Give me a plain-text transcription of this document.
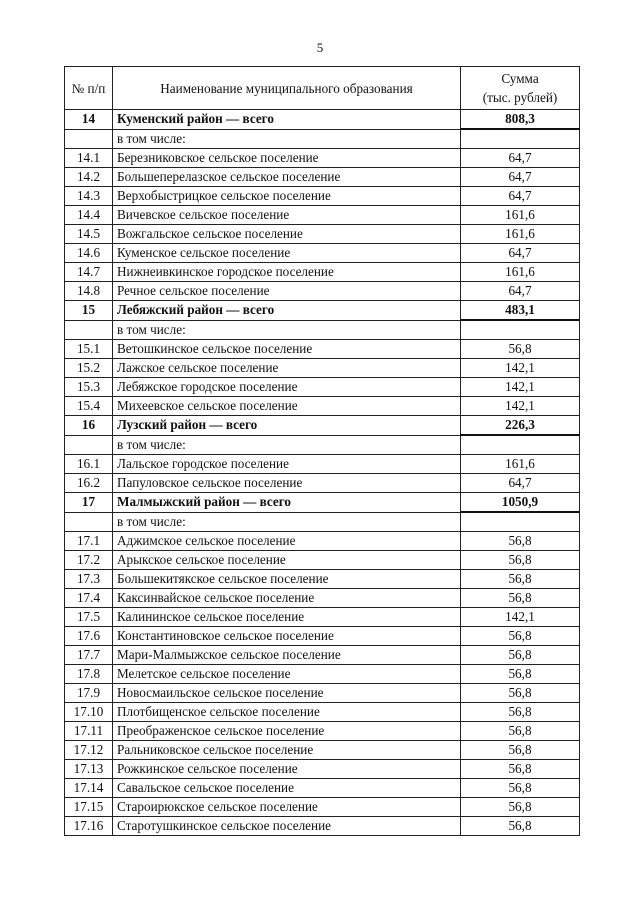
5
№ п/п	Наименование муниципального образования	Сумма
(тыс. рублей)

14	Куменский район — всего	808,3
	в том числе:	
14.1	Березниковское сельское поселение	64,7
14.2	Большеперелазское сельское поселение	64,7
14.3	Верхобыстрицкое сельское поселение	64,7
14.4	Вичевское сельское поселение	161,6
14.5	Вожгальское сельское поселение	161,6
14.6	Куменское сельское поселение	64,7
14.7	Нижнеивкинское городское поселение	161,6
14.8	Речное сельское поселение	64,7
15	Лебяжский район — всего	483,1
	в том числе:	
15.1	Ветошкинское сельское поселение	56,8
15.2	Лажское сельское поселение	142,1
15.3	Лебяжское городское поселение	142,1
15.4	Михеевское сельское поселение	142,1
16	Лузский район — всего	226,3
	в том числе:	
16.1	Лальское городское поселение	161,6
16.2	Папуловское сельское поселение	64,7
17	Малмыжский район — всего	1050,9
	в том числе:	
17.1	Аджимское сельское поселение	56,8
17.2	Арыкское сельское поселение	56,8
17.3	Большекитякское сельское поселение	56,8
17.4	Каксинвайское сельское поселение	56,8
17.5	Калининское сельское поселение	142,1
17.6	Константиновское сельское поселение	56,8
17.7	Мари-Малмыжское сельское поселение	56,8
17.8	Мелетское сельское поселение	56,8
17.9	Новосмаильское сельское поселение	56,8
17.10	Плотбищенское сельское поселение	56,8
17.11	Преображенское сельское поселение	56,8
17.12	Ральниковское сельское поселение	56,8
17.13	Рожкинское сельское поселение	56,8
17.14	Савальское сельское поселение	56,8
17.15	Староирюкское сельское поселение	56,8
17.16	Старотушкинское сельское поселение	56,8
